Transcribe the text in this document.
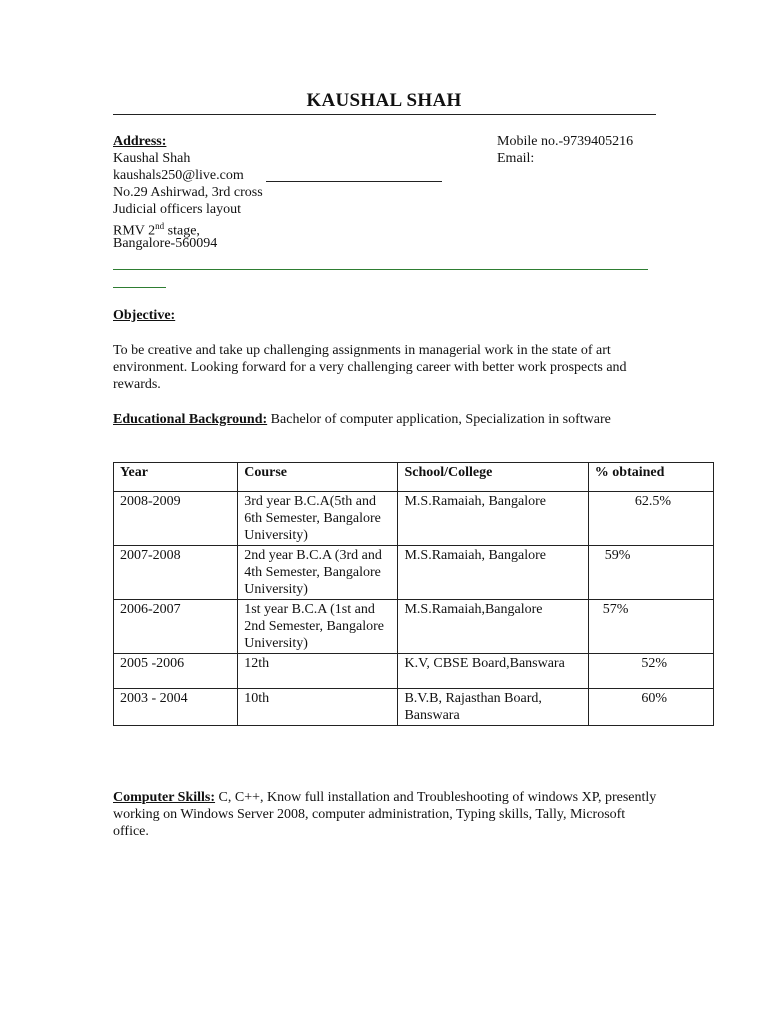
KAUSHAL SHAH
Address:	Mobile no.-9739405216
Kaushal Shah	Email:
kaushals250@live.com
No.29 Ashirwad, 3rd cross
Judicial officers layout
RMV 2nd stage,
Bangalore-560094
Objective:
To be creative and take up challenging assignments in managerial work in the state of art environment. Looking forward for a very challenging career with better work prospects and rewards.
Educational Background: Bachelor of computer application, Specialization in software
Year	Course	School/College	% obtained
2008-2009	3rd year B.C.A(5th and 6th Semester, Bangalore University)	M.S.Ramaiah, Bangalore	62.5%
2007-2008	2nd year B.C.A (3rd and 4th Semester, Bangalore University)	M.S.Ramaiah, Bangalore	59%
2006-2007	1st year B.C.A (1st and 2nd Semester, Bangalore University)	M.S.Ramaiah,Bangalore	57%
2005 -2006	12th	K.V, CBSE Board,Banswara	52%
2003 - 2004	10th	B.V.B, Rajasthan Board, Banswara	60%
Computer Skills: C, C++, Know full installation and Troubleshooting of windows XP, presently working on Windows Server 2008, computer administration, Typing skills, Tally, Microsoft office.
